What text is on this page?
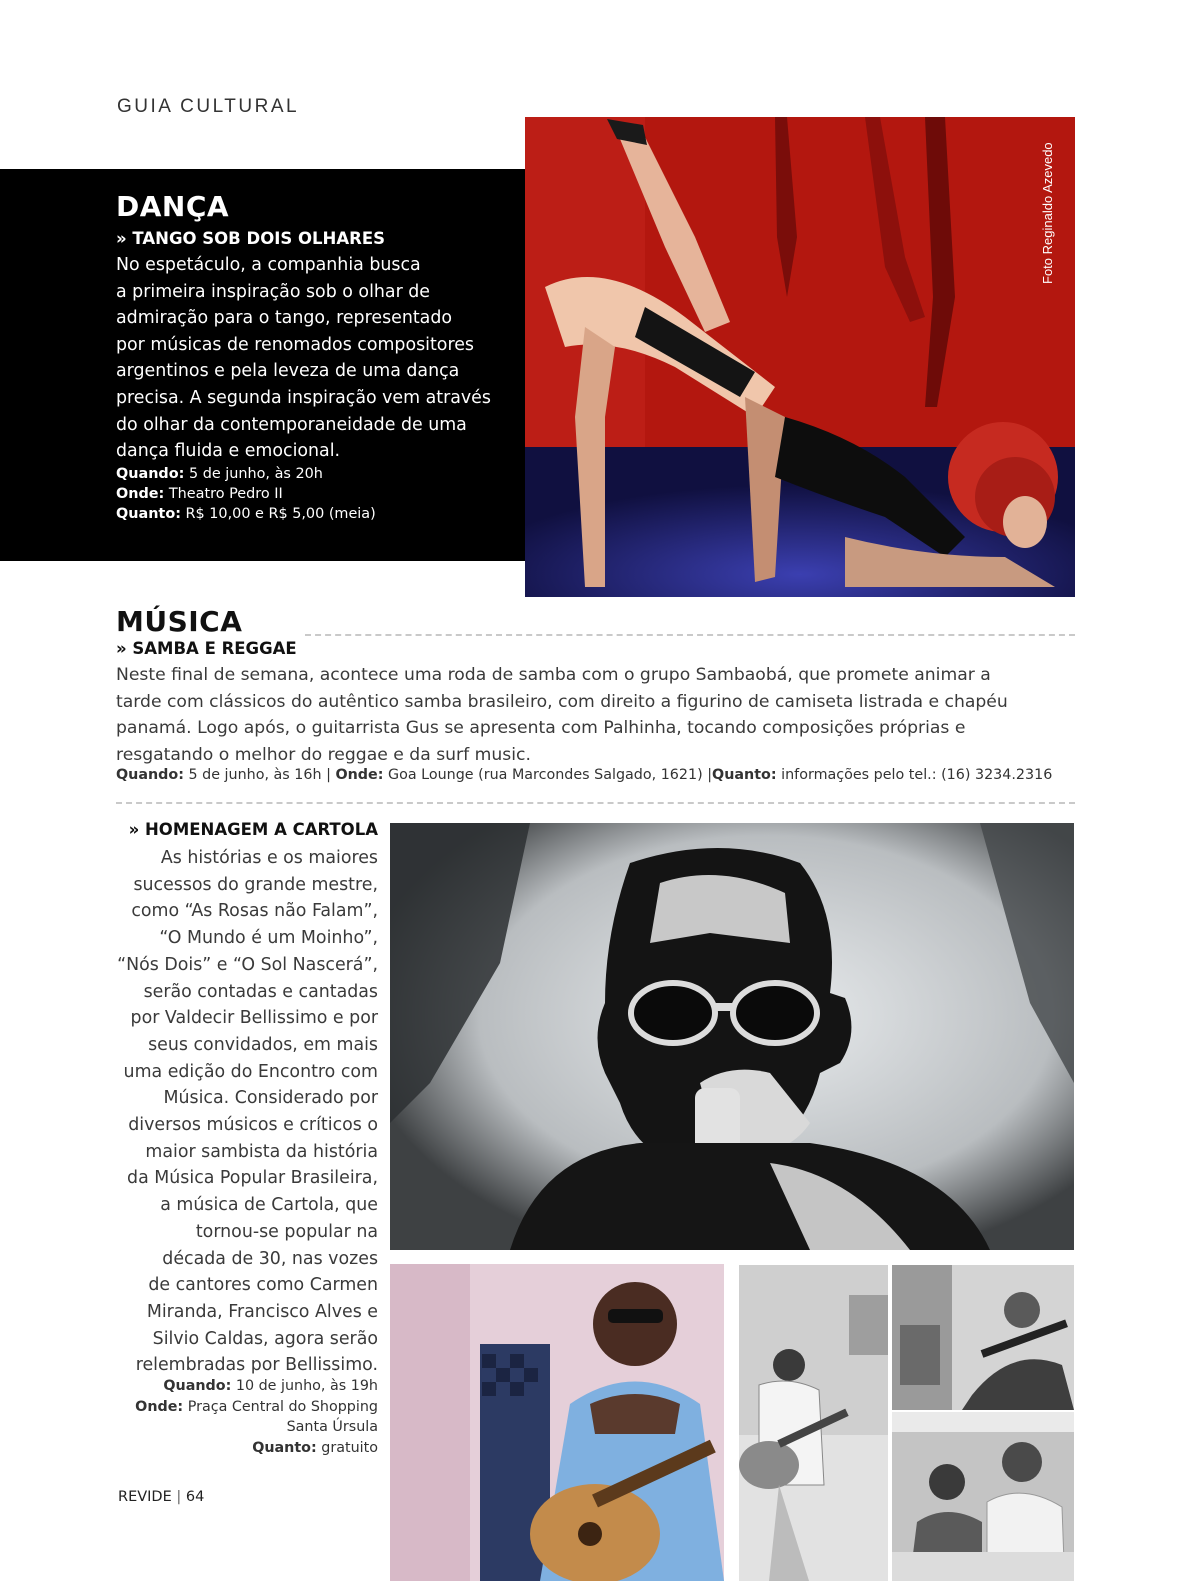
GUIA CULTURAL
DANÇA
» TANGO SOB DOIS OLHARES
No espetáculo, a companhia busca
a primeira inspiração sob o olhar de
admiração para o tango, representado
por músicas de renomados compositores
argentinos e pela leveza de uma dança
precisa. A segunda inspiração vem através
do olhar da contemporaneidade de uma
dança fluida e emocional.
Quando: 5 de junho, às 20h
Onde: Theatro Pedro II
Quanto: R$ 10,00 e R$ 5,00 (meia)
Foto Reginaldo Azevedo
MÚSICA
» SAMBA E REGGAE
Neste final de semana, acontece uma roda de samba com o grupo Sambaobá, que promete animar a
tarde com clássicos do autêntico samba brasileiro, com direito a figurino de camiseta listrada e chapéu
panamá. Logo após, o guitarrista Gus se apresenta com Palhinha, tocando composições próprias e
resgatando o melhor do reggae e da surf music.
Quando: 5 de junho, às 16h | Onde: Goa Lounge (rua Marcondes Salgado, 1621) |Quanto: informações pelo tel.: (16) 3234.2316
» HOMENAGEM A CARTOLA
As histórias e os maiores
sucessos do grande mestre,
como “As Rosas não Falam”,
“O Mundo é um Moinho”,
“Nós Dois” e “O Sol Nascerá”,
serão contadas e cantadas
por Valdecir Bellissimo e por
seus convidados, em mais
uma edição do Encontro com
Música. Considerado por
diversos músicos e críticos o
maior sambista da história
da Música Popular Brasileira,
a música de Cartola, que
tornou-se popular na
década de 30, nas vozes
de cantores como Carmen
Miranda, Francisco Alves e
Silvio Caldas, agora serão
relembradas por Bellissimo.
Quando: 10 de junho, às 19h
Onde: Praça Central do Shopping
Santa Úrsula
Quanto: gratuito
REVIDE | 64
